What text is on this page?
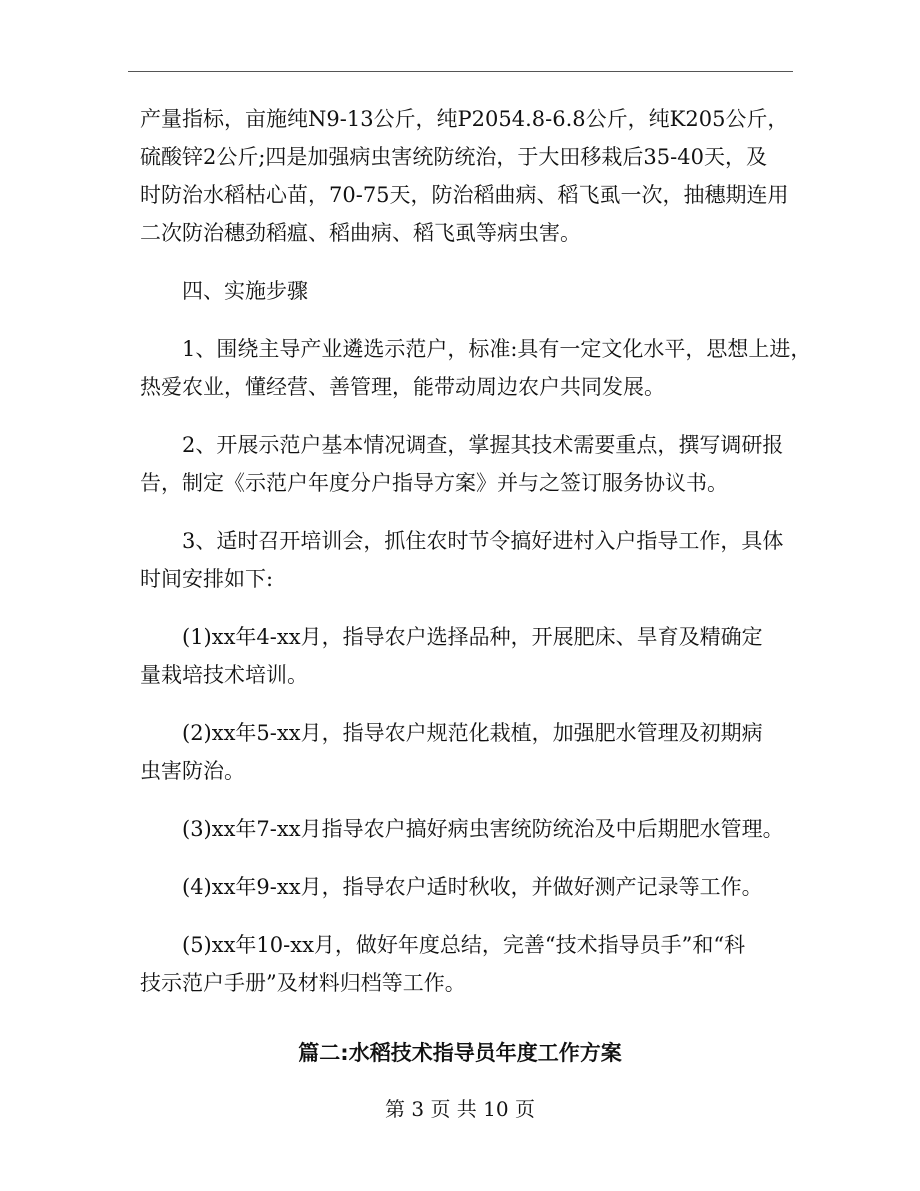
产量指标，亩施纯N9-13公斤，纯P2054.8-6.8公斤，纯K205公斤，
硫酸锌2公斤;四是加强病虫害统防统治，于大田移栽后35-40天，及
时防治水稻枯心苗，70-75天，防治稻曲病、稻飞虱一次，抽穗期连用
二次防治穗劲稻瘟、稻曲病、稻飞虱等病虫害。

四、实施步骤

1、围绕主导产业遴选示范户，标准:具有一定文化水平，思想上进，
热爱农业，懂经营、善管理，能带动周边农户共同发展。

2、开展示范户基本情况调查，掌握其技术需要重点，撰写调研报
告，制定《示范户年度分户指导方案》并与之签订服务协议书。

3、适时召开培训会，抓住农时节令搞好进村入户指导工作，具体
时间安排如下:

(1)xx年4-xx月，指导农户选择品种，开展肥床、旱育及精确定
量栽培技术培训。

(2)xx年5-xx月，指导农户规范化栽植，加强肥水管理及初期病
虫害防治。

(3)xx年7-xx月指导农户搞好病虫害统防统治及中后期肥水管理。

(4)xx年9-xx月，指导农户适时秋收，并做好测产记录等工作。

(5)xx年10-xx月，做好年度总结，完善“技术指导员手”和“科
技示范户手册”及材料归档等工作。

篇二:水稻技术指导员年度工作方案
第 3 页 共 10 页
